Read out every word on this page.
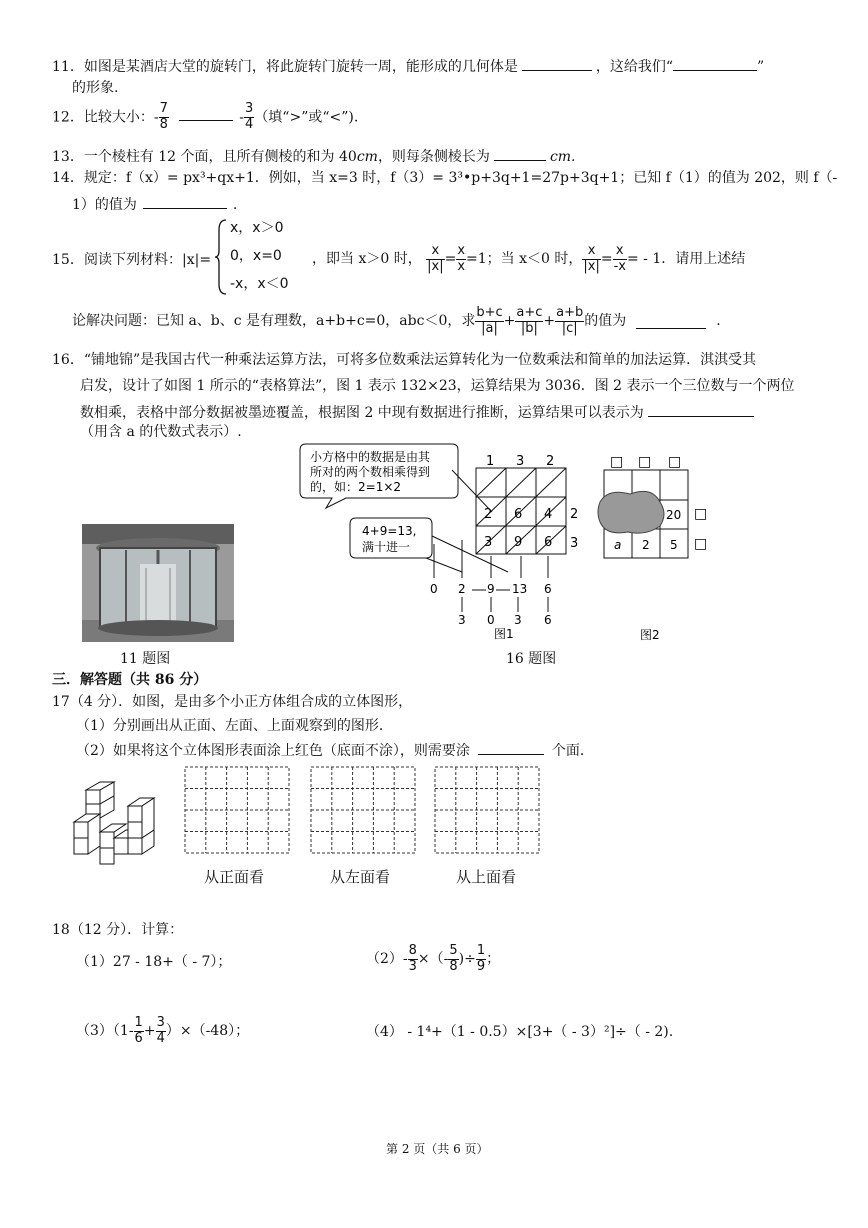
11．如图是某酒店大堂的旋转门，将此旋转门旋转一周，能形成的几何体是	，这给我们“	”
的形象.
12．比较大小：- $\frac{7}{8}$	- $\frac{3}{4}$ （填“>”或“<”).
13．一个棱柱有 12 个面，且所有侧棱的和为 40cm，则每条侧棱长为	cm.
14．规定：f（x）= px³+qx+1．例如，当 x=3 时，f（3）= 3³•p+3q+1=27p+3q+1；已知 f（1）的值为 202，则 f（-
1）的值为	.
15． 阅读下列材料：|x|=
x，x＞0
0，x=0
-x，x＜0
，即当 x＞0 时， $\frac{x}{|x|} = \frac{x}{x} =1$；当 x＜0 时， $\frac{x}{|x|} = \frac{x}{-x}$ = - 1．请用上述结
论解决问题：已知 a、b、c 是有理数，a+b+c=0，abc＜0，求 $\frac{b+c}{|a|} + \frac{a+c}{|b|} + \frac{a+b}{|c|}$ 的值为	.
16．“铺地锦”是我国古代一种乘法运算方法，可将多位数乘法运算转化为一位数乘法和简单的加法运算．淇淇受其
启发，设计了如图 1 所示的“表格算法”，图 1 表示 132×23，运算结果为 3036．图 2 表示一个三位数与一个两位
数相乘，表格中部分数据被墨迹覆盖，根据图 2 中现有数据进行推断，运算结果可以表示为
（用含 a 的代数式表示）.
11 题图
小方格中的数据是由其
所对的两个数相乘得到
的，如：2=1×2
1 3 2
2
3
2 6 4
3 9 6
4+9=13,
满十进一
0 2 9 13 6
3 0 3 6
图1
□ □ □
20
a 2 5
□
□
图2
16 题图
三．解答题（共 86 分）
17（4 分）．如图，是由多个小正方体组合成的立体图形，
（1）分别画出从正面、左面、上面观察到的图形．
（2）如果将这个立体图形表面涂上红色（底面不涂），则需要涂	个面．
从正面看	从左面看	从上面看
18（12 分）．计算：
（1）27 - 18+（ - 7）；	$(2)- \frac{8}{3}$ ×（- $\frac{5}{8}$ )÷ $\frac{1}{9}$ ；
$(3)(1- \frac{1}{6} + \frac{3}{4} )\times(-48)$；	（4） - 1⁴+（1 - 0.5）×[3+（ - 3）²]÷（ - 2).
第 2 页（共 6 页）
